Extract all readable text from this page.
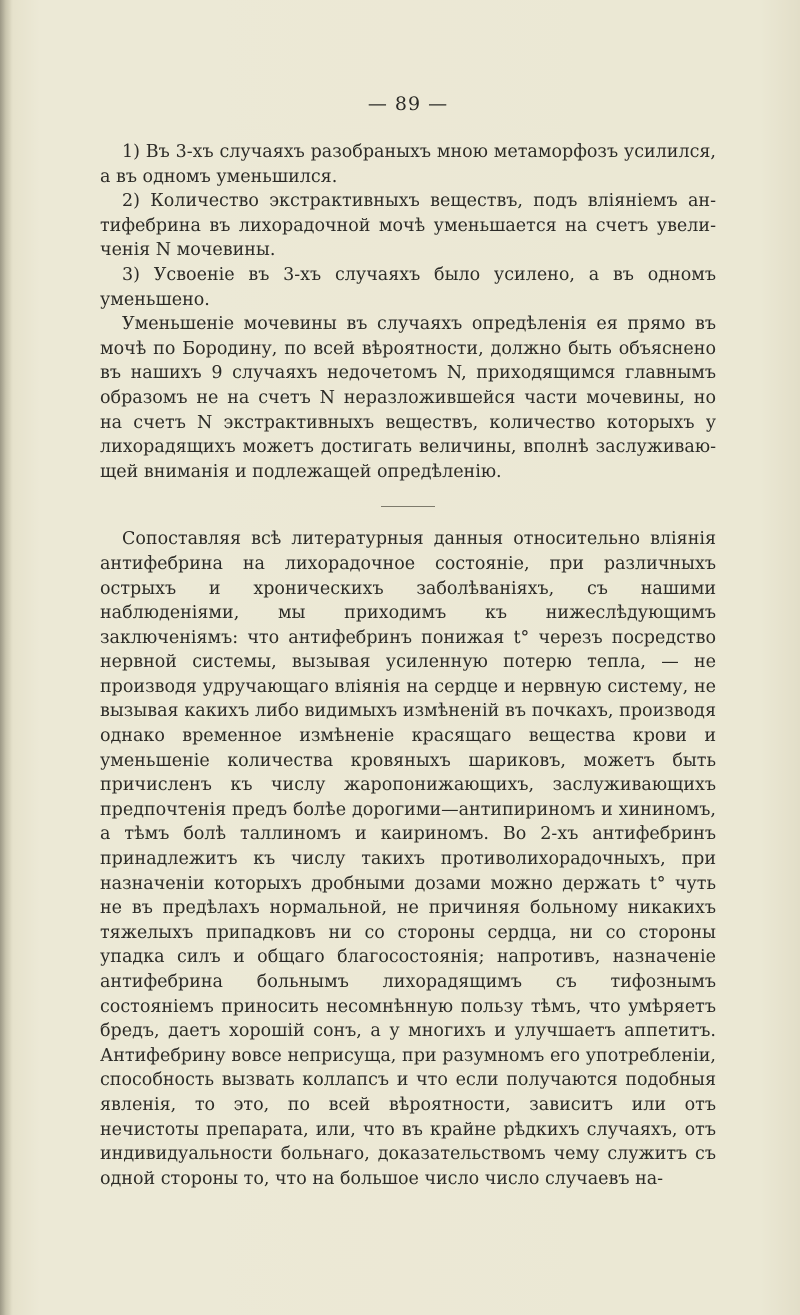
— 89 —

1) Въ 3-хъ случаяхъ разобраныхъ мною метаморфозъ усилился, а въ одномъ уменьшился.

2) Количество экстрактивныхъ веществъ, подъ вліяніемъ антифебрина въ лихорадочной мочѣ уменьшается на счетъ увеличенія N мочевины.

3) Усвоеніе въ 3-хъ случаяхъ было усилено, а въ одномъ уменьшено.

Уменьшеніе мочевины въ случаяхъ опредѣленія ея прямо въ мочѣ по Бородину, по всей вѣроятности, должно быть объяснено въ нашихъ 9 случаяхъ недочетомъ N, приходящимся главнымъ образомъ не на счетъ N неразложившейся части мочевины, но на счетъ N экстрактивныхъ веществъ, количество которыхъ у лихорадящихъ можетъ достигать величины, вполнѣ заслуживающей вниманія и подлежащей опредѣленію.

Сопоставляя всѣ литературныя данныя относительно вліянія антифебрина на лихорадочное состояніе, при различныхъ острыхъ и хроническихъ заболѣваніяхъ, съ нашими наблюденіями, мы приходимъ къ нижеслѣдующимъ заключеніямъ: что антифебринъ понижая t° черезъ посредство нервной системы, вызывая усиленную потерю тепла, — не производя удручающаго вліянія на сердце и нервную систему, не вызывая какихъ либо видимыхъ измѣненій въ почкахъ, производя однако временное измѣненіе красящаго вещества крови и уменьшеніе количества кровяныхъ шариковъ, можетъ быть причисленъ къ числу жаропонижающихъ, заслуживающихъ предпочтенія предъ болѣе дорогими—антипириномъ и хининомъ, а тѣмъ болѣ таллиномъ и каириномъ. Во 2-хъ антифебринъ принадлежитъ къ числу такихъ противолихорадочныхъ, при назначеніи которыхъ дробными дозами можно держать t° чуть не въ предѣлахъ нормальной, не причиняя больному никакихъ тяжелыхъ припадковъ ни со стороны сердца, ни со стороны упадка силъ и общаго благосостоянія; напротивъ, назначеніе антифебрина больнымъ лихорадящимъ съ тифознымъ состояніемъ приносить несомнѣнную пользу тѣмъ, что умѣряетъ бредъ, даетъ хорошій сонъ, а у многихъ и улучшаетъ аппетитъ. Антифебрину вовсе неприсуща, при разумномъ его употребленіи, способность вызвать коллапсъ и что если получаются подобныя явленія, то это, по всей вѣроятности, зависитъ или отъ нечистоты препарата, или, что въ крайне рѣдкихъ случаяхъ, отъ индивидуальности больнаго, доказательствомъ чему служитъ съ одной стороны то, что на большое число число случаевъ на-
